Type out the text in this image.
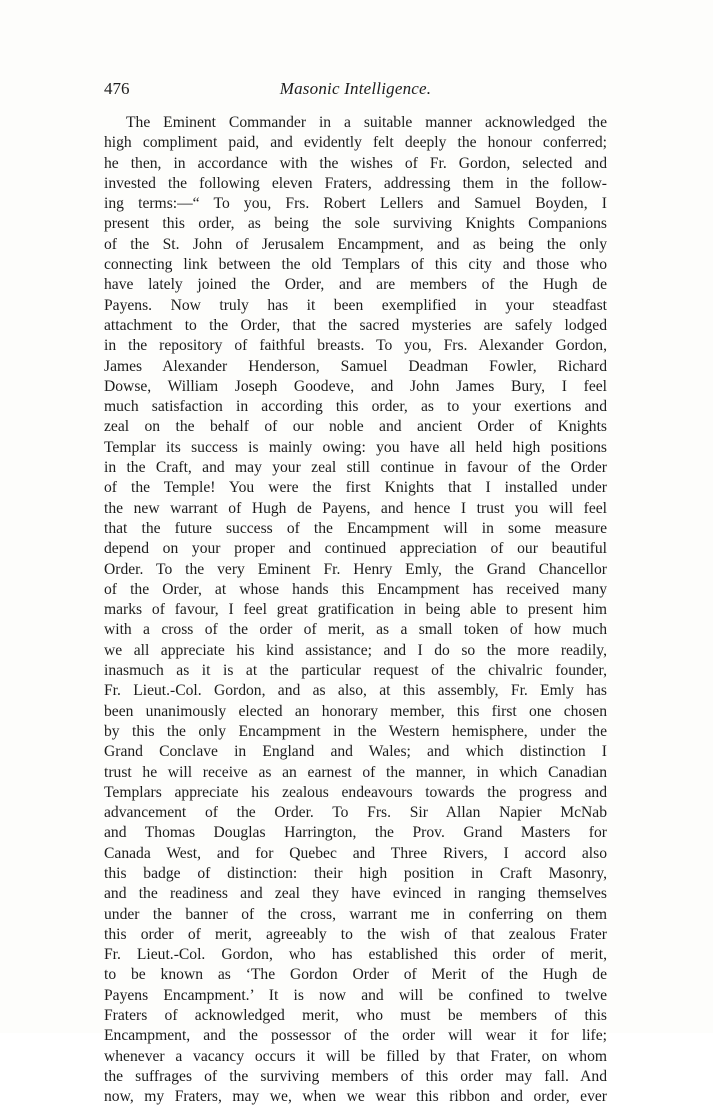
476	Masonic Intelligence.
The Eminent Commander in a suitable manner acknowledged the
high compliment paid, and evidently felt deeply the honour conferred;
he then, in accordance with the wishes of Fr. Gordon, selected and
invested the following eleven Fraters, addressing them in the follow-
ing terms:—“ To you, Frs. Robert Lellers and Samuel Boyden, I
present this order, as being the sole surviving Knights Companions
of the St. John of Jerusalem Encampment, and as being the only
connecting link between the old Templars of this city and those who
have lately joined the Order, and are members of the Hugh de
Payens. Now truly has it been exemplified in your steadfast
attachment to the Order, that the sacred mysteries are safely lodged
in the repository of faithful breasts. To you, Frs. Alexander Gordon,
James Alexander Henderson, Samuel Deadman Fowler, Richard
Dowse, William Joseph Goodeve, and John James Bury, I feel
much satisfaction in according this order, as to your exertions and
zeal on the behalf of our noble and ancient Order of Knights
Templar its success is mainly owing: you have all held high positions
in the Craft, and may your zeal still continue in favour of the Order
of the Temple! You were the first Knights that I installed under
the new warrant of Hugh de Payens, and hence I trust you will feel
that the future success of the Encampment will in some measure
depend on your proper and continued appreciation of our beautiful
Order. To the very Eminent Fr. Henry Emly, the Grand Chancellor
of the Order, at whose hands this Encampment has received many
marks of favour, I feel great gratification in being able to present him
with a cross of the order of merit, as a small token of how much
we all appreciate his kind assistance; and I do so the more readily,
inasmuch as it is at the particular request of the chivalric founder,
Fr. Lieut.-Col. Gordon, and as also, at this assembly, Fr. Emly has
been unanimously elected an honorary member, this first one chosen
by this the only Encampment in the Western hemisphere, under the
Grand Conclave in England and Wales; and which distinction I
trust he will receive as an earnest of the manner, in which Canadian
Templars appreciate his zealous endeavours towards the progress and
advancement of the Order. To Frs. Sir Allan Napier McNab
and Thomas Douglas Harrington, the Prov. Grand Masters for
Canada West, and for Quebec and Three Rivers, I accord also
this badge of distinction: their high position in Craft Masonry,
and the readiness and zeal they have evinced in ranging themselves
under the banner of the cross, warrant me in conferring on them
this order of merit, agreeably to the wish of that zealous Frater
Fr. Lieut.-Col. Gordon, who has established this order of merit,
to be known as ‘The Gordon Order of Merit of the Hugh de
Payens Encampment.’ It is now and will be confined to twelve
Fraters of acknowledged merit, who must be members of this
Encampment, and the possessor of the order will wear it for life;
whenever a vacancy occurs it will be filled by that Frater, on whom
the suffrages of the surviving members of this order may fall. And
now, my Fraters, may we, when we wear this ribbon and order, ever
